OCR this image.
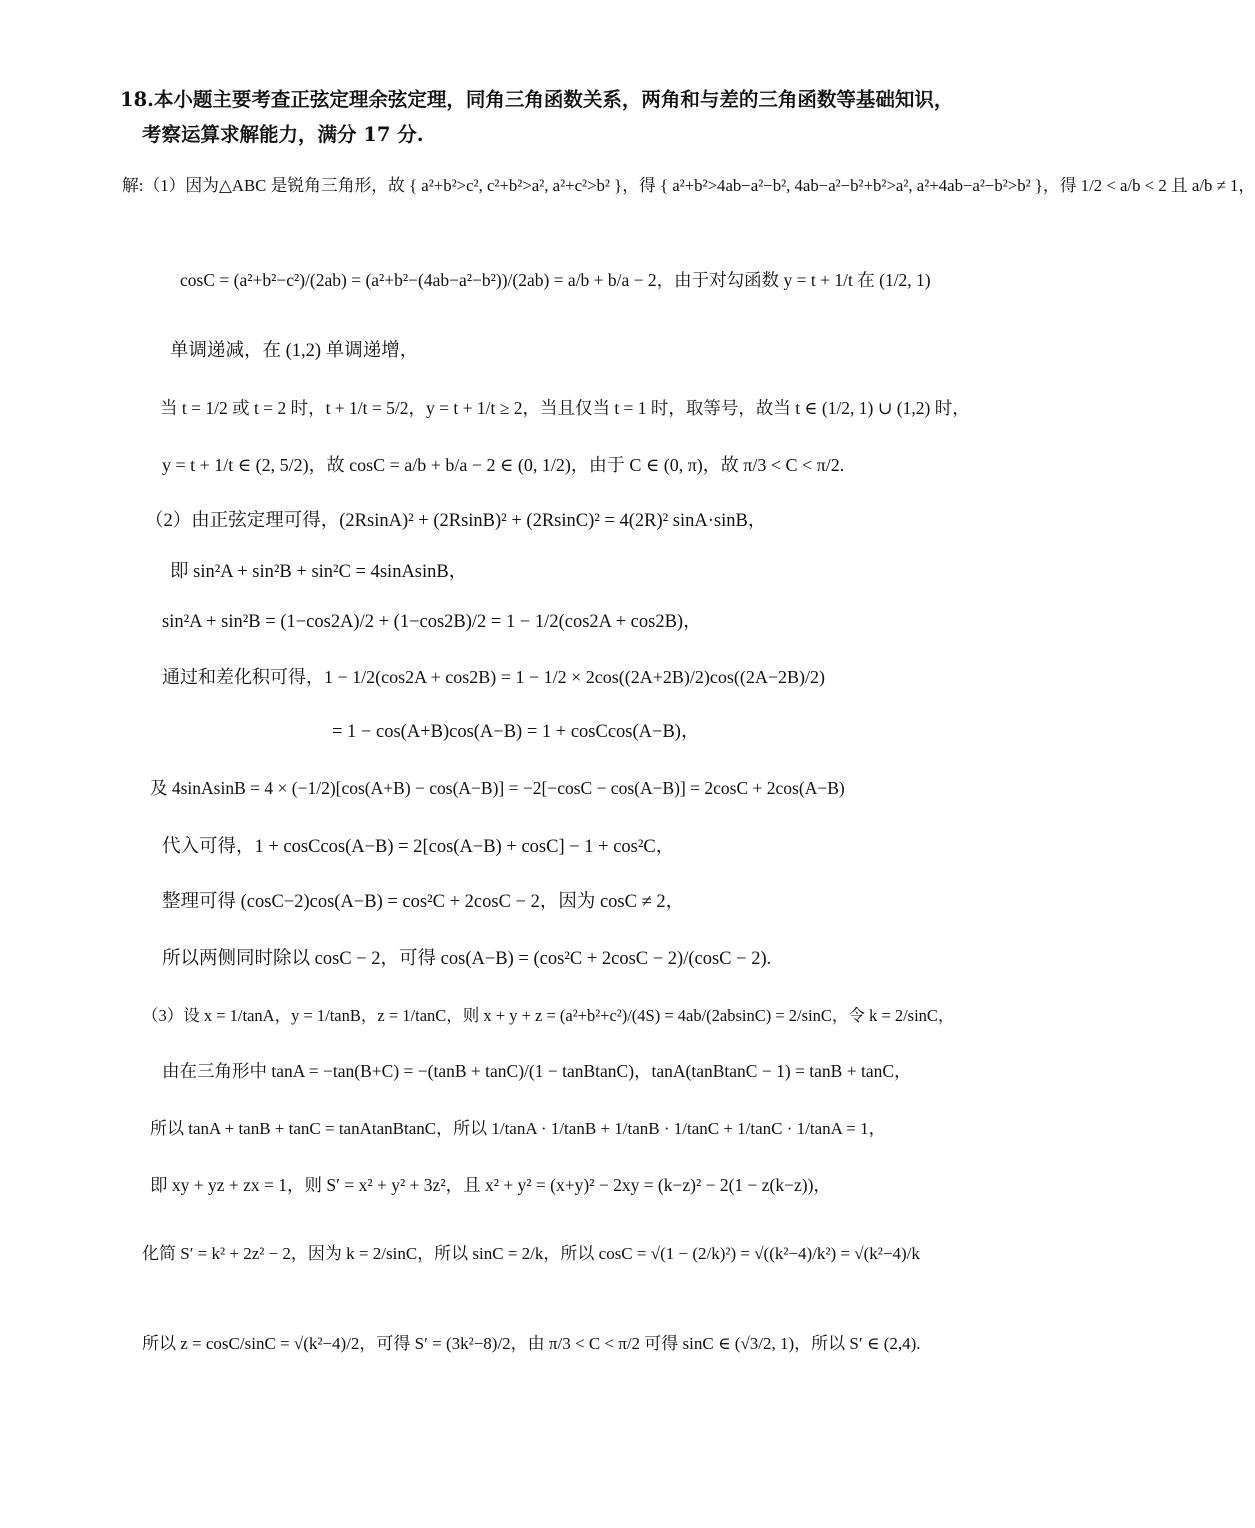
18.本小题主要考查正弦定理余弦定理，同角三角函数关系，两角和与差的三角函数等基础知识，
考察运算求解能力，满分 17 分.
解:（1）因为△ABC 是锐角三角形，故 { a²+b²>c², c²+b²>a², a²+c²>b² }，得 { a²+b²>4ab−a²−b², 4ab−a²−b²+b²>a², a²+4ab−a²−b²>b² }，得 1/2 < a/b < 2 且 a/b ≠ 1，
cosC = (a²+b²−c²)/(2ab) = (a²+b²−(4ab−a²−b²))/(2ab) = a/b + b/a − 2，由于对勾函数 y = t + 1/t 在 (1/2, 1)
单调递减，在 (1,2) 单调递增，
当 t = 1/2 或 t = 2 时，t + 1/t = 5/2，y = t + 1/t ≥ 2，当且仅当 t = 1 时，取等号，故当 t ∈ (1/2, 1) ∪ (1,2) 时，
y = t + 1/t ∈ (2, 5/2)，故 cosC = a/b + b/a − 2 ∈ (0, 1/2)，由于 C ∈ (0, π)，故 π/3 < C < π/2.
（2）由正弦定理可得，(2RsinA)² + (2RsinB)² + (2RsinC)² = 4(2R)² sinA·sinB，
即 sin²A + sin²B + sin²C = 4sinAsinB，
sin²A + sin²B = (1−cos2A)/2 + (1−cos2B)/2 = 1 − 1/2(cos2A + cos2B)，
通过和差化积可得，1 − 1/2(cos2A + cos2B) = 1 − 1/2 × 2cos((2A+2B)/2)cos((2A−2B)/2)
= 1 − cos(A+B)cos(A−B) = 1 + cosCcos(A−B)，
及 4sinAsinB = 4 × (−1/2)[cos(A+B) − cos(A−B)] = −2[−cosC − cos(A−B)] = 2cosC + 2cos(A−B)
代入可得，1 + cosCcos(A−B) = 2[cos(A−B) + cosC] − 1 + cos²C，
整理可得 (cosC−2)cos(A−B) = cos²C + 2cosC − 2，因为 cosC ≠ 2，
所以两侧同时除以 cosC − 2，可得 cos(A−B) = (cos²C + 2cosC − 2)/(cosC − 2).
（3）设 x = 1/tanA，y = 1/tanB，z = 1/tanC，则 x + y + z = (a²+b²+c²)/(4S) = 4ab/(2absinC) = 2/sinC，令 k = 2/sinC，
由在三角形中 tanA = −tan(B+C) = −(tanB + tanC)/(1 − tanBtanC)，tanA(tanBtanC − 1) = tanB + tanC，
所以 tanA + tanB + tanC = tanAtanBtanC，所以 1/tanA · 1/tanB + 1/tanB · 1/tanC + 1/tanC · 1/tanA = 1，
即 xy + yz + zx = 1，则 S′ = x² + y² + 3z²，且 x² + y² = (x+y)² − 2xy = (k−z)² − 2(1 − z(k−z))，
化简 S′ = k² + 2z² − 2，因为 k = 2/sinC，所以 sinC = 2/k，所以 cosC = √(1 − (2/k)²) = √((k²−4)/k²) = √(k²−4)/k
所以 z = cosC/sinC = √(k²−4)/2，可得 S′ = (3k²−8)/2，由 π/3 < C < π/2 可得 sinC ∈ (√3/2, 1)，所以 S′ ∈ (2,4).
